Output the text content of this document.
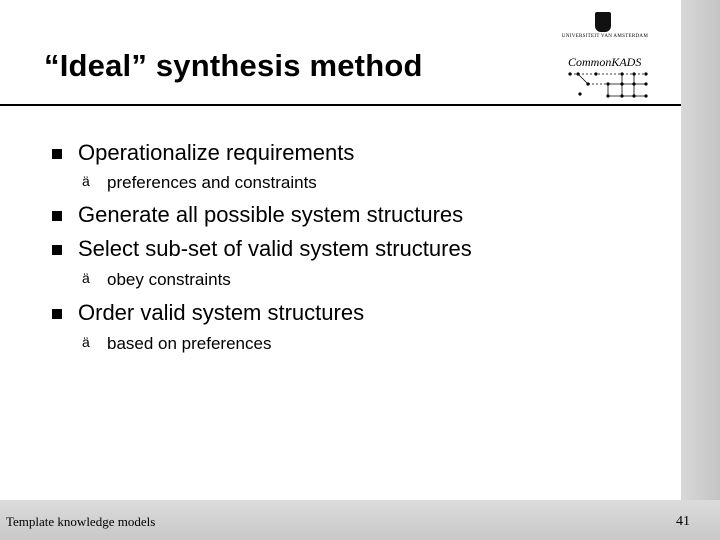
“Ideal” synthesis method
UNIVERSITEIT VAN AMSTERDAM
CommonKADS
Operationalize requirements
ä preferences and constraints
Generate all possible system structures
Select sub-set of valid system structures
ä obey constraints
Order valid system structures
ä based on preferences
Template knowledge models	41
